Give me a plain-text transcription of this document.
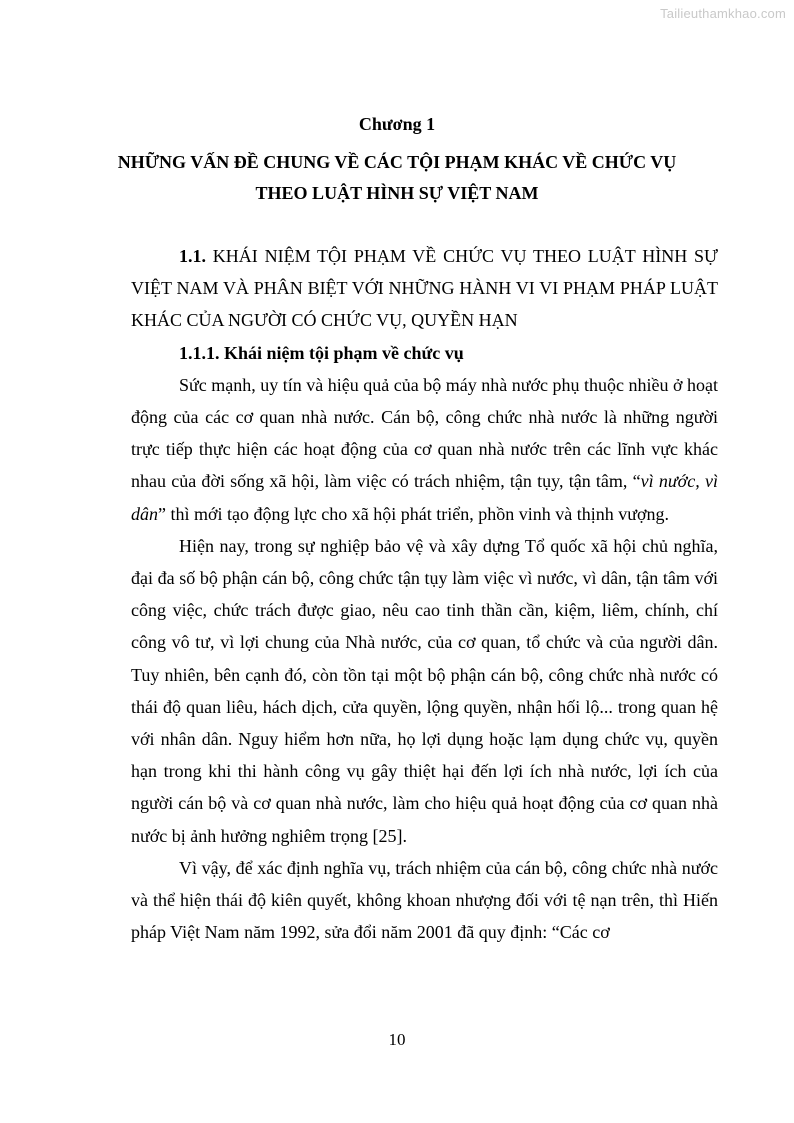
Tailieuthamkhao.com
Chương 1
NHỮNG VẤN ĐỀ CHUNG VỀ CÁC TỘI PHẠM KHÁC VỀ CHỨC VỤ
THEO LUẬT HÌNH SỰ VIỆT NAM

1.1. KHÁI NIỆM TỘI PHẠM VỀ CHỨC VỤ THEO LUẬT HÌNH SỰ VIỆT NAM VÀ PHÂN BIỆT VỚI NHỮNG HÀNH VI VI PHẠM PHÁP LUẬT KHÁC CỦA NGƯỜI CÓ CHỨC VỤ, QUYỀN HẠN

1.1.1. Khái niệm tội phạm về chức vụ

Sức mạnh, uy tín và hiệu quả của bộ máy nhà nước phụ thuộc nhiều ở hoạt động của các cơ quan nhà nước. Cán bộ, công chức nhà nước là những người trực tiếp thực hiện các hoạt động của cơ quan nhà nước trên các lĩnh vực khác nhau của đời sống xã hội, làm việc có trách nhiệm, tận tụy, tận tâm, “vì nước, vì dân” thì mới tạo động lực cho xã hội phát triển, phồn vinh và thịnh vượng.

Hiện nay, trong sự nghiệp bảo vệ và xây dựng Tổ quốc xã hội chủ nghĩa, đại đa số bộ phận cán bộ, công chức tận tụy làm việc vì nước, vì dân, tận tâm với công việc, chức trách được giao, nêu cao tinh thần cần, kiệm, liêm, chính, chí công vô tư, vì lợi chung của Nhà nước, của cơ quan, tổ chức và của người dân. Tuy nhiên, bên cạnh đó, còn tồn tại một bộ phận cán bộ, công chức nhà nước có thái độ quan liêu, hách dịch, cửa quyền, lộng quyền, nhận hối lộ... trong quan hệ với nhân dân. Nguy hiểm hơn nữa, họ lợi dụng hoặc lạm dụng chức vụ, quyền hạn trong khi thi hành công vụ gây thiệt hại đến lợi ích nhà nước, lợi ích của người cán bộ và cơ quan nhà nước, làm cho hiệu quả hoạt động của cơ quan nhà nước bị ảnh hưởng nghiêm trọng [25].

Vì vậy, để xác định nghĩa vụ, trách nhiệm của cán bộ, công chức nhà nước và thể hiện thái độ kiên quyết, không khoan nhượng đối với tệ nạn trên, thì Hiến pháp Việt Nam năm 1992, sửa đổi năm 2001 đã quy định: “Các cơ

10
